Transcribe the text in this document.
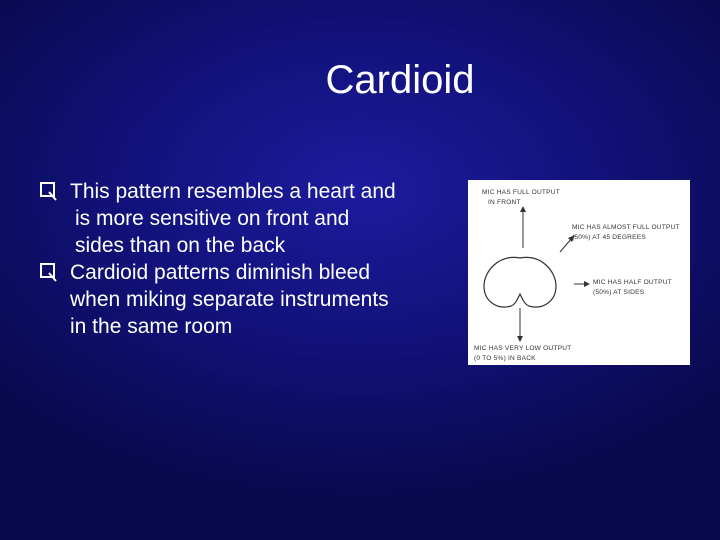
Cardioid
This pattern resembles a heart and
is more sensitive on front and
sides than on the back
Cardioid patterns diminish bleed
when miking separate instruments
in the same room
MIC HAS FULL OUTPUT
IN FRONT
MIC HAS ALMOST FULL OUTPUT
(50%) AT 45 DEGREES
MIC HAS HALF OUTPUT
(50%) AT SIDES
MIC HAS VERY LOW OUTPUT
(0 TO 5%) IN BACK
